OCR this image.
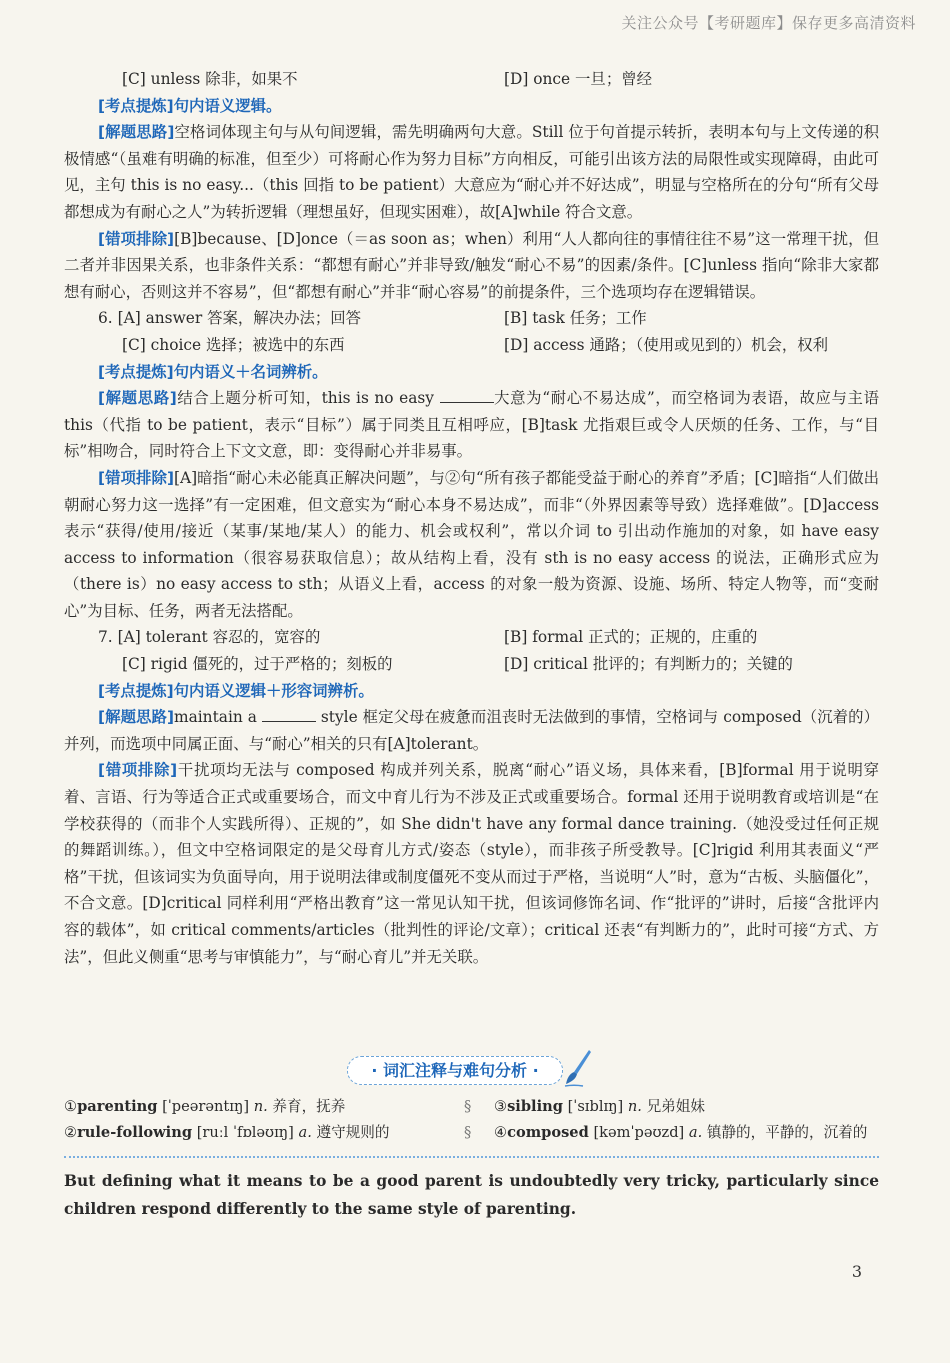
关注公众号【考研题库】保存更多高清资料
[C] unless 除非，如果不	[D] once 一旦；曾经
[考点提炼]句内语义逻辑。

[解题思路]空格词体现主句与从句间逻辑，需先明确两句大意。Still 位于句首提示转折，表明本句与上文传递的积极情感“（虽难有明确的标准，但至少）可将耐心作为努力目标”方向相反，可能引出该方法的局限性或实现障碍，由此可见，主句 this is no easy...（this 回指 to be patient）大意应为“耐心并不好达成”，明显与空格所在的分句“所有父母都想成为有耐心之人”为转折逻辑（理想虽好，但现实困难），故[A]while 符合文意。

[错项排除][B]because、[D]once（＝as soon as；when）利用“人人都向往的事情往往不易”这一常理干扰，但二者并非因果关系，也非条件关系：“都想有耐心”并非导致/触发“耐心不易”的因素/条件。[C]unless 指向“除非大家都想有耐心，否则这并不容易”，但“都想有耐心”并非“耐心容易”的前提条件，三个选项均存在逻辑错误。

6. [A] answer 答案，解决办法；回答	[B] task 任务；工作
[C] choice 选择；被选中的东西	[D] access 通路；（使用或见到的）机会，权利
[考点提炼]句内语义＋名词辨析。

[解题思路]结合上题分析可知，this is no easy	大意为“耐心不易达成”，而空格词为表语，故应与主语 this（代指 to be patient，表示“目标”）属于同类且互相呼应，[B]task 尤指艰巨或令人厌烦的任务、工作，与“目标”相吻合，同时符合上下文文意，即：变得耐心并非易事。

[错项排除][A]暗指“耐心未必能真正解决问题”，与②句“所有孩子都能受益于耐心的养育”矛盾；[C]暗指“人们做出朝耐心努力这一选择”有一定困难，但文意实为“耐心本身不易达成”，而非“（外界因素等导致）选择难做”。[D]access 表示“获得/使用/接近（某事/某地/某人）的能力、机会或权利”，常以介词 to 引出动作施加的对象，如 have easy access to information（很容易获取信息）；故从结构上看，没有 sth is no easy access 的说法，正确形式应为（there is）no easy access to sth；从语义上看，access 的对象一般为资源、设施、场所、特定人物等，而“变耐心”为目标、任务，两者无法搭配。

7. [A] tolerant 容忍的，宽容的	[B] formal 正式的；正规的，庄重的
[C] rigid 僵死的，过于严格的；刻板的	[D] critical 批评的；有判断力的；关键的
[考点提炼]句内语义逻辑＋形容词辨析。

[解题思路]maintain a	style 框定父母在疲惫而沮丧时无法做到的事情，空格词与 composed（沉着的）并列，而选项中同属正面、与“耐心”相关的只有[A]tolerant。

[错项排除]干扰项均无法与 composed 构成并列关系，脱离“耐心”语义场，具体来看，[B]formal 用于说明穿着、言语、行为等适合正式或重要场合，而文中育儿行为不涉及正式或重要场合。formal 还用于说明教育或培训是“在学校获得的（而非个人实践所得）、正规的”，如 She didn't have any formal dance training.（她没受过任何正规的舞蹈训练。），但文中空格词限定的是父母育儿方式/姿态（style），而非孩子所受教导。[C]rigid 利用其表面义“严格”干扰，但该词实为负面导向，用于说明法律或制度僵死不变从而过于严格，当说明“人”时，意为“古板、头脑僵化”，不合文意。[D]critical 同样利用“严格出教育”这一常见认知干扰，但该词修饰名词、作“批评的”讲时，后接“含批评内容的载体”，如 critical comments/articles（批判性的评论/文章）；critical 还表“有判断力的”，此时可接“方式、方法”，但此义侧重“思考与审慎能力”，与“耐心育儿”并无关联。

· 词汇注释与难句分析 ·
①parenting [ˈpeərəntɪŋ] n. 养育，抚养	§	③sibling [ˈsɪblɪŋ] n. 兄弟姐妹
②rule-following [ruːl ˈfɒləʊɪŋ] a. 遵守规则的	§	④composed [kəmˈpəʊzd] a. 镇静的，平静的，沉着的
But defining what it means to be a good parent is undoubtedly very tricky, particularly since children respond differently to the same style of parenting.
3
